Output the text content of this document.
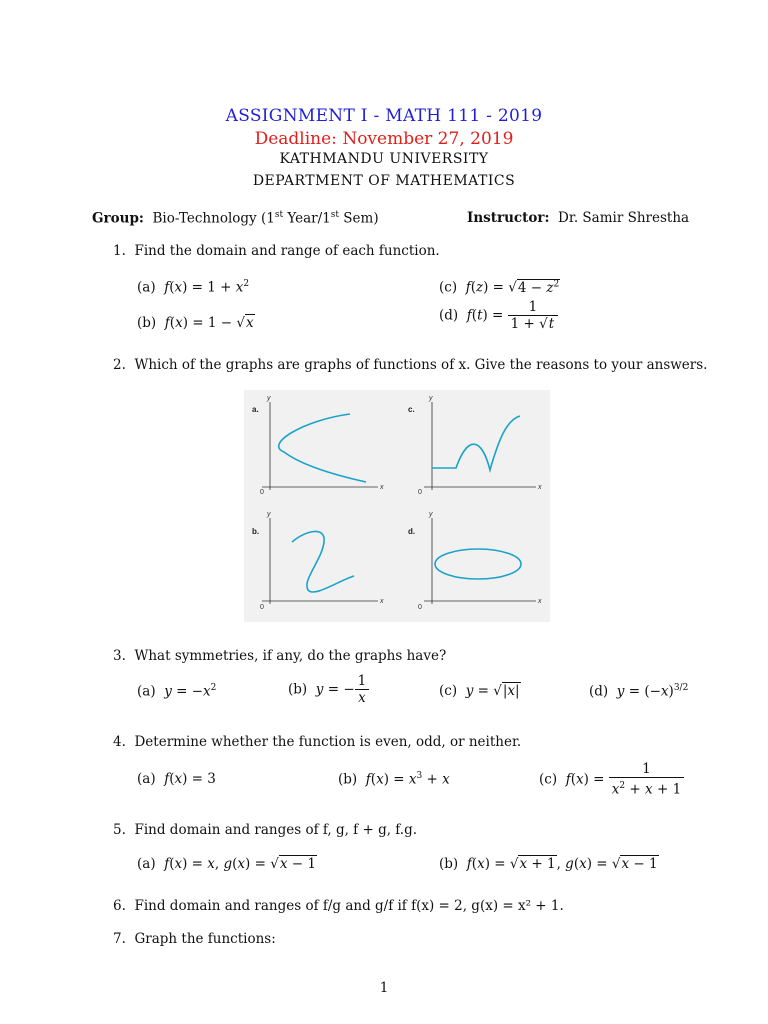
ASSIGNMENT I - MATH 111 - 2019
Deadline: November 27, 2019
KATHMANDU UNIVERSITY
DEPARTMENT OF MATHEMATICS
Group: Bio-Technology (1st Year/1st Sem)	Instructor: Dr. Samir Shrestha
1. Find the domain and range of each function.
(a) $f(x) = 1 + x^2$
(b) f(x) = 1 − √x
(c) $f(z) = √4 - z^2$
(d) $f(t) = \frac{1}{1 + √t}$
2. Which of the graphs are graphs of functions of x. Give the reasons to your answers.
a.
y
x
0
c.
y
x
0
b.
y
x
0
d.
y
x
0
3. What symmetries, if any, do the graphs have?
(a) $y = -x^2$	(b) y = − $\frac{1}{x}$	(c) y = √|x|	(d) $y = (-x)^{3/2}$
4. Determine whether the function is even, odd, or neither.
(a) f(x) = 3	(b) $f(x) = x^3 + x$	(c) $f(x) = \frac{1}{x^2 + x + 1}$
5. Find domain and ranges of f, g, f + g, f.g.
(a) f(x) = x, g(x) = √x − 1	(b) f(x) = √x + 1, g(x) = √x − 1
6. Find domain and ranges of f/g and g/f if f(x) = 2, g(x) = x² + 1.
7. Graph the functions:
1
